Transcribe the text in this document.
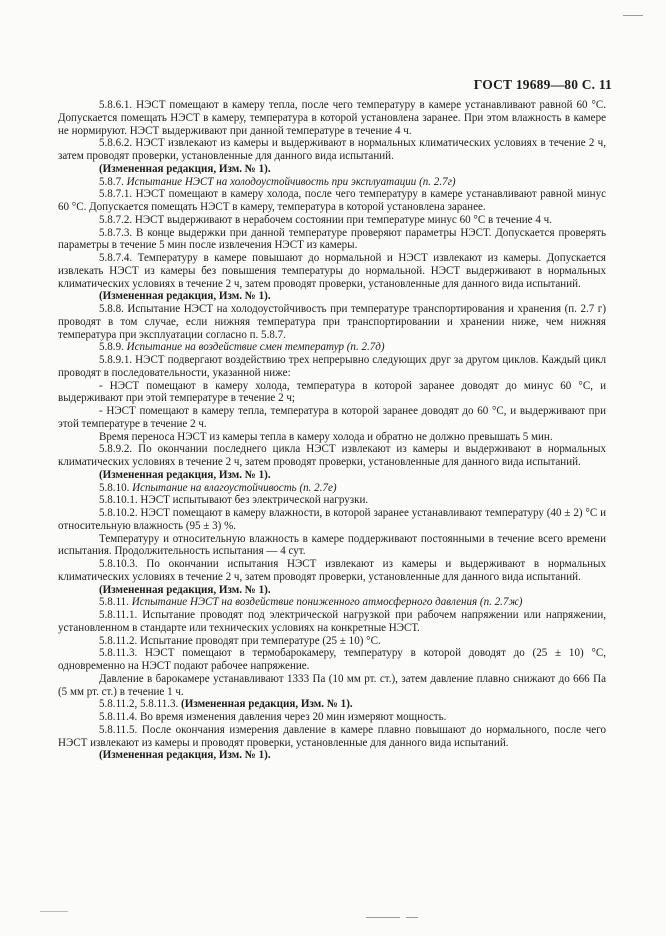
ГОСТ 19689—80 С. 11

5.8.6.1. НЭСТ помещают в камеру тепла, после чего температуру в камере устанавливают равной 60 °С. Допускается помещать НЭСТ в камеру, температура в которой установлена заранее. При этом влажность в камере не нормируют. НЭСТ выдерживают при данной температуре в течение 4 ч.

5.8.6.2. НЭСТ извлекают из камеры и выдерживают в нормальных климатических условиях в течение 2 ч, затем проводят проверки, установленные для данного вида испытаний.

(Измененная редакция, Изм. № 1).

5.8.7. Испытание НЭСТ на холодоустойчивость при эксплуатации (п. 2.7г)

5.8.7.1. НЭСТ помещают в камеру холода, после чего температуру в камере устанавливают равной минус 60 °С. Допускается помещать НЭСТ в камеру, температура в которой установлена заранее.

5.8.7.2. НЭСТ выдерживают в нерабочем состоянии при температуре минус 60 °С в течение 4 ч.

5.8.7.3. В конце выдержки при данной температуре проверяют параметры НЭСТ. Допускается проверять параметры в течение 5 мин после извлечения НЭСТ из камеры.

5.8.7.4. Температуру в камере повышают до нормальной и НЭСТ извлекают из камеры. Допускается извлекать НЭСТ из камеры без повышения температуры до нормальной. НЭСТ выдерживают в нормальных климатических условиях в течение 2 ч, затем проводят проверки, установленные для данного вида испытаний.

(Измененная редакция, Изм. № 1).

5.8.8. Испытание НЭСТ на холодоустойчивость при температуре транспортирования и хранения (п. 2.7 г) проводят в том случае, если нижняя температура при транспортировании и хранении ниже, чем нижняя температура при эксплуатации согласно п. 5.8.7.

5.8.9. Испытание на воздействие смен температур (п. 2.7д)

5.8.9.1. НЭСТ подвергают воздействию трех непрерывно следующих друг за другом циклов. Каждый цикл проводят в последовательности, указанной ниже:

- НЭСТ помещают в камеру холода, температура в которой заранее доводят до минус 60 °С, и выдерживают при этой температуре в течение 2 ч;

- НЭСТ помещают в камеру тепла, температура в которой заранее доводят до 60 °С, и выдерживают при этой температуре в течение 2 ч.

Время переноса НЭСТ из камеры тепла в камеру холода и обратно не должно превышать 5 мин.

5.8.9.2. По окончании последнего цикла НЭСТ извлекают из камеры и выдерживают в нормальных климатических условиях в течение 2 ч, затем проводят проверки, установленные для данного вида испытаний.

(Измененная редакция, Изм. № 1).

5.8.10. Испытание на влагоустойчивость (п. 2.7е)

5.8.10.1. НЭСТ испытывают без электрической нагрузки.

5.8.10.2. НЭСТ помещают в камеру влажности, в которой заранее устанавливают температуру (40 ± 2) °С и относительную влажность (95 ± 3) %.

Температуру и относительную влажность в камере поддерживают постоянными в течение всего времени испытания. Продолжительность испытания — 4 сут.

5.8.10.3. По окончании испытания НЭСТ извлекают из камеры и выдерживают в нормальных климатических условиях в течение 2 ч, затем проводят проверки, установленные для данного вида испытаний.

(Измененная редакция, Изм. № 1).

5.8.11. Испытание НЭСТ на воздействие пониженного атмосферного давления (п. 2.7ж)

5.8.11.1. Испытание проводят под электрической нагрузкой при рабочем напряжении или напряжении, установленном в стандарте или технических условиях на конкретные НЭСТ.

5.8.11.2. Испытание проводят при температуре (25 ± 10) °С.

5.8.11.3. НЭСТ помещают в термобарокамеру, температуру в которой доводят до (25 ± 10) °С, одновременно на НЭСТ подают рабочее напряжение.

Давление в барокамере устанавливают 1333 Па (10 мм рт. ст.), затем давление плавно снижают до 666 Па (5 мм рт. ст.) в течение 1 ч.

5.8.11.2, 5.8.11.3. (Измененная редакция, Изм. № 1).

5.8.11.4. Во время изменения давления через 20 мин измеряют мощность.

5.8.11.5. После окончания измерения давление в камере плавно повышают до нормального, после чего НЭСТ извлекают из камеры и проводят проверки, установленные для данного вида испытаний.

(Измененная редакция, Изм. № 1).
